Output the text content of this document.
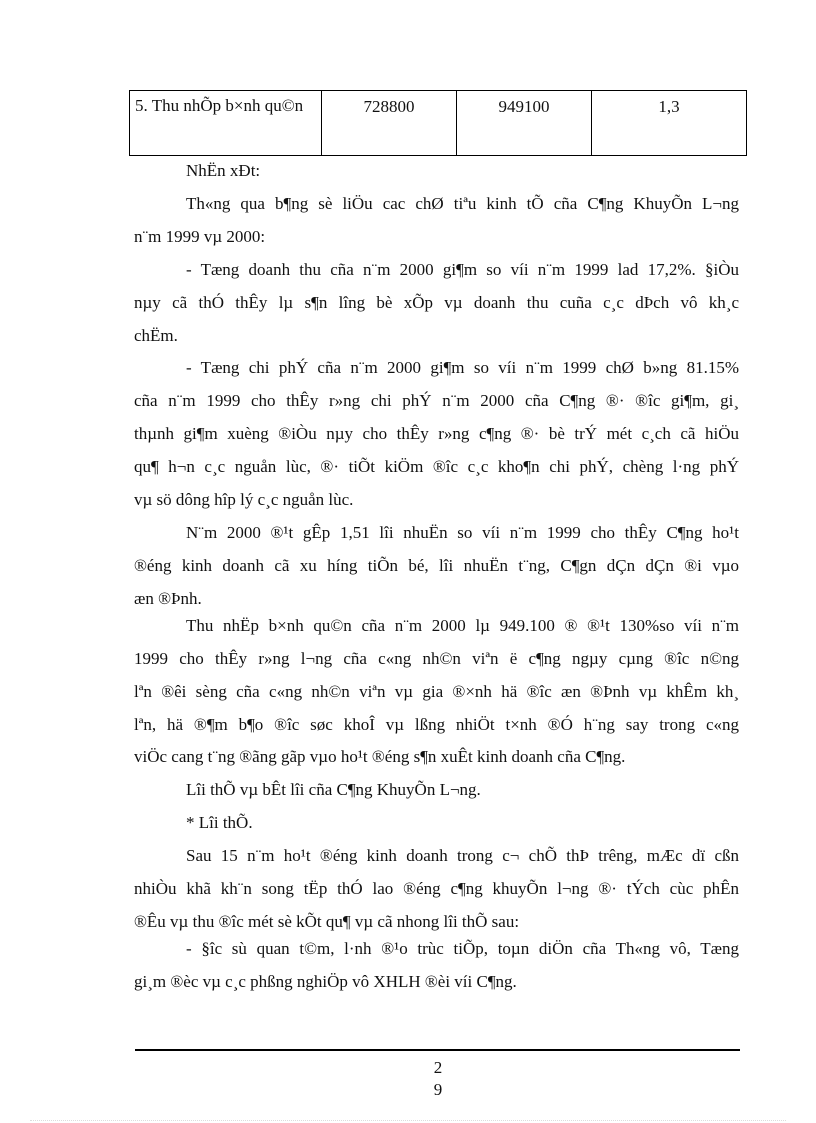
5. Thu nhÕp b×nh qu©n	728800	949100	1,3
NhËn xÐt:
Th«ng qua b¶ng sè liÖu cac chØ tiªu kinh tÕ cña C¶ng KhuyÕn L¬ng
n¨m 1999 vµ 2000:
- Tæng doanh thu cña n¨m 2000 gi¶m so víi n¨m 1999 lad 17,2%. §iÒu
nµy cã thÓ thÊy lµ s¶n lîng bè xÕp vµ doanh thu cuña c¸c dÞch vô kh¸c
chËm.
- Tæng chi phÝ cña n¨m 2000 gi¶m so víi n¨m 1999 chØ b»ng 81.15%
cña n¨m 1999 cho thÊy r»ng chi phÝ n¨m 2000 cña C¶ng ®· ®îc gi¶m, gi¸
thµnh gi¶m xuèng ®iÒu nµy cho thÊy r»ng c¶ng ®· bè trÝ mét c¸ch cã hiÖu
qu¶ h¬n c¸c nguån lùc, ®· tiÕt kiÖm ®îc c¸c kho¶n chi phÝ, chèng l·ng phÝ
vµ sö dông hîp lý c¸c nguån lùc.
N¨m 2000 ®¹t gÊp 1,51 lîi nhuËn so víi n¨m 1999 cho thÊy C¶ng ho¹t
®éng kinh doanh cã xu híng tiÕn bé, lîi nhuËn t¨ng, C¶gn dÇn dÇn ®i vµo
æn ®Þnh.
Thu nhËp b×nh qu©n cña n¨m 2000 lµ 949.100 ® ®¹t 130%so víi n¨m
1999 cho thÊy r»ng l¬ng cña c«ng nh©n viªn ë c¶ng ngµy cµng ®îc n©ng
lªn ®êi sèng cña c«ng nh©n viªn vµ gia ®×nh hä ®îc æn ®Þnh vµ khÊm kh¸
lªn, hä ®¶m b¶o ®îc søc khoÎ vµ lßng nhiÖt t×nh ®Ó h¨ng say trong c«ng
viÖc cang t¨ng ®ãng gãp vµo ho¹t ®éng s¶n xuÊt kinh doanh cña C¶ng.
Lîi thÕ vµ bÊt lîi cña C¶ng KhuyÕn L¬ng.
* Lîi thÕ.
Sau 15 n¨m ho¹t ®éng kinh doanh trong c¬ chÕ thÞ trêng, mÆc dï cßn
nhiÒu khã kh¨n song tËp thÓ lao ®éng c¶ng khuyÕn l¬ng ®· tÝch cùc phÊn
®Êu vµ thu ®îc mét sè kÕt qu¶ vµ cã nhong lîi thÕ sau:
- §îc sù quan t©m, l·nh ®¹o trùc tiÕp, toµn diÖn cña Th«ng vô, Tæng
gi¸m ®èc vµ c¸c phßng nghiÖp vô XHLH ®èi víi C¶ng.
2
9
